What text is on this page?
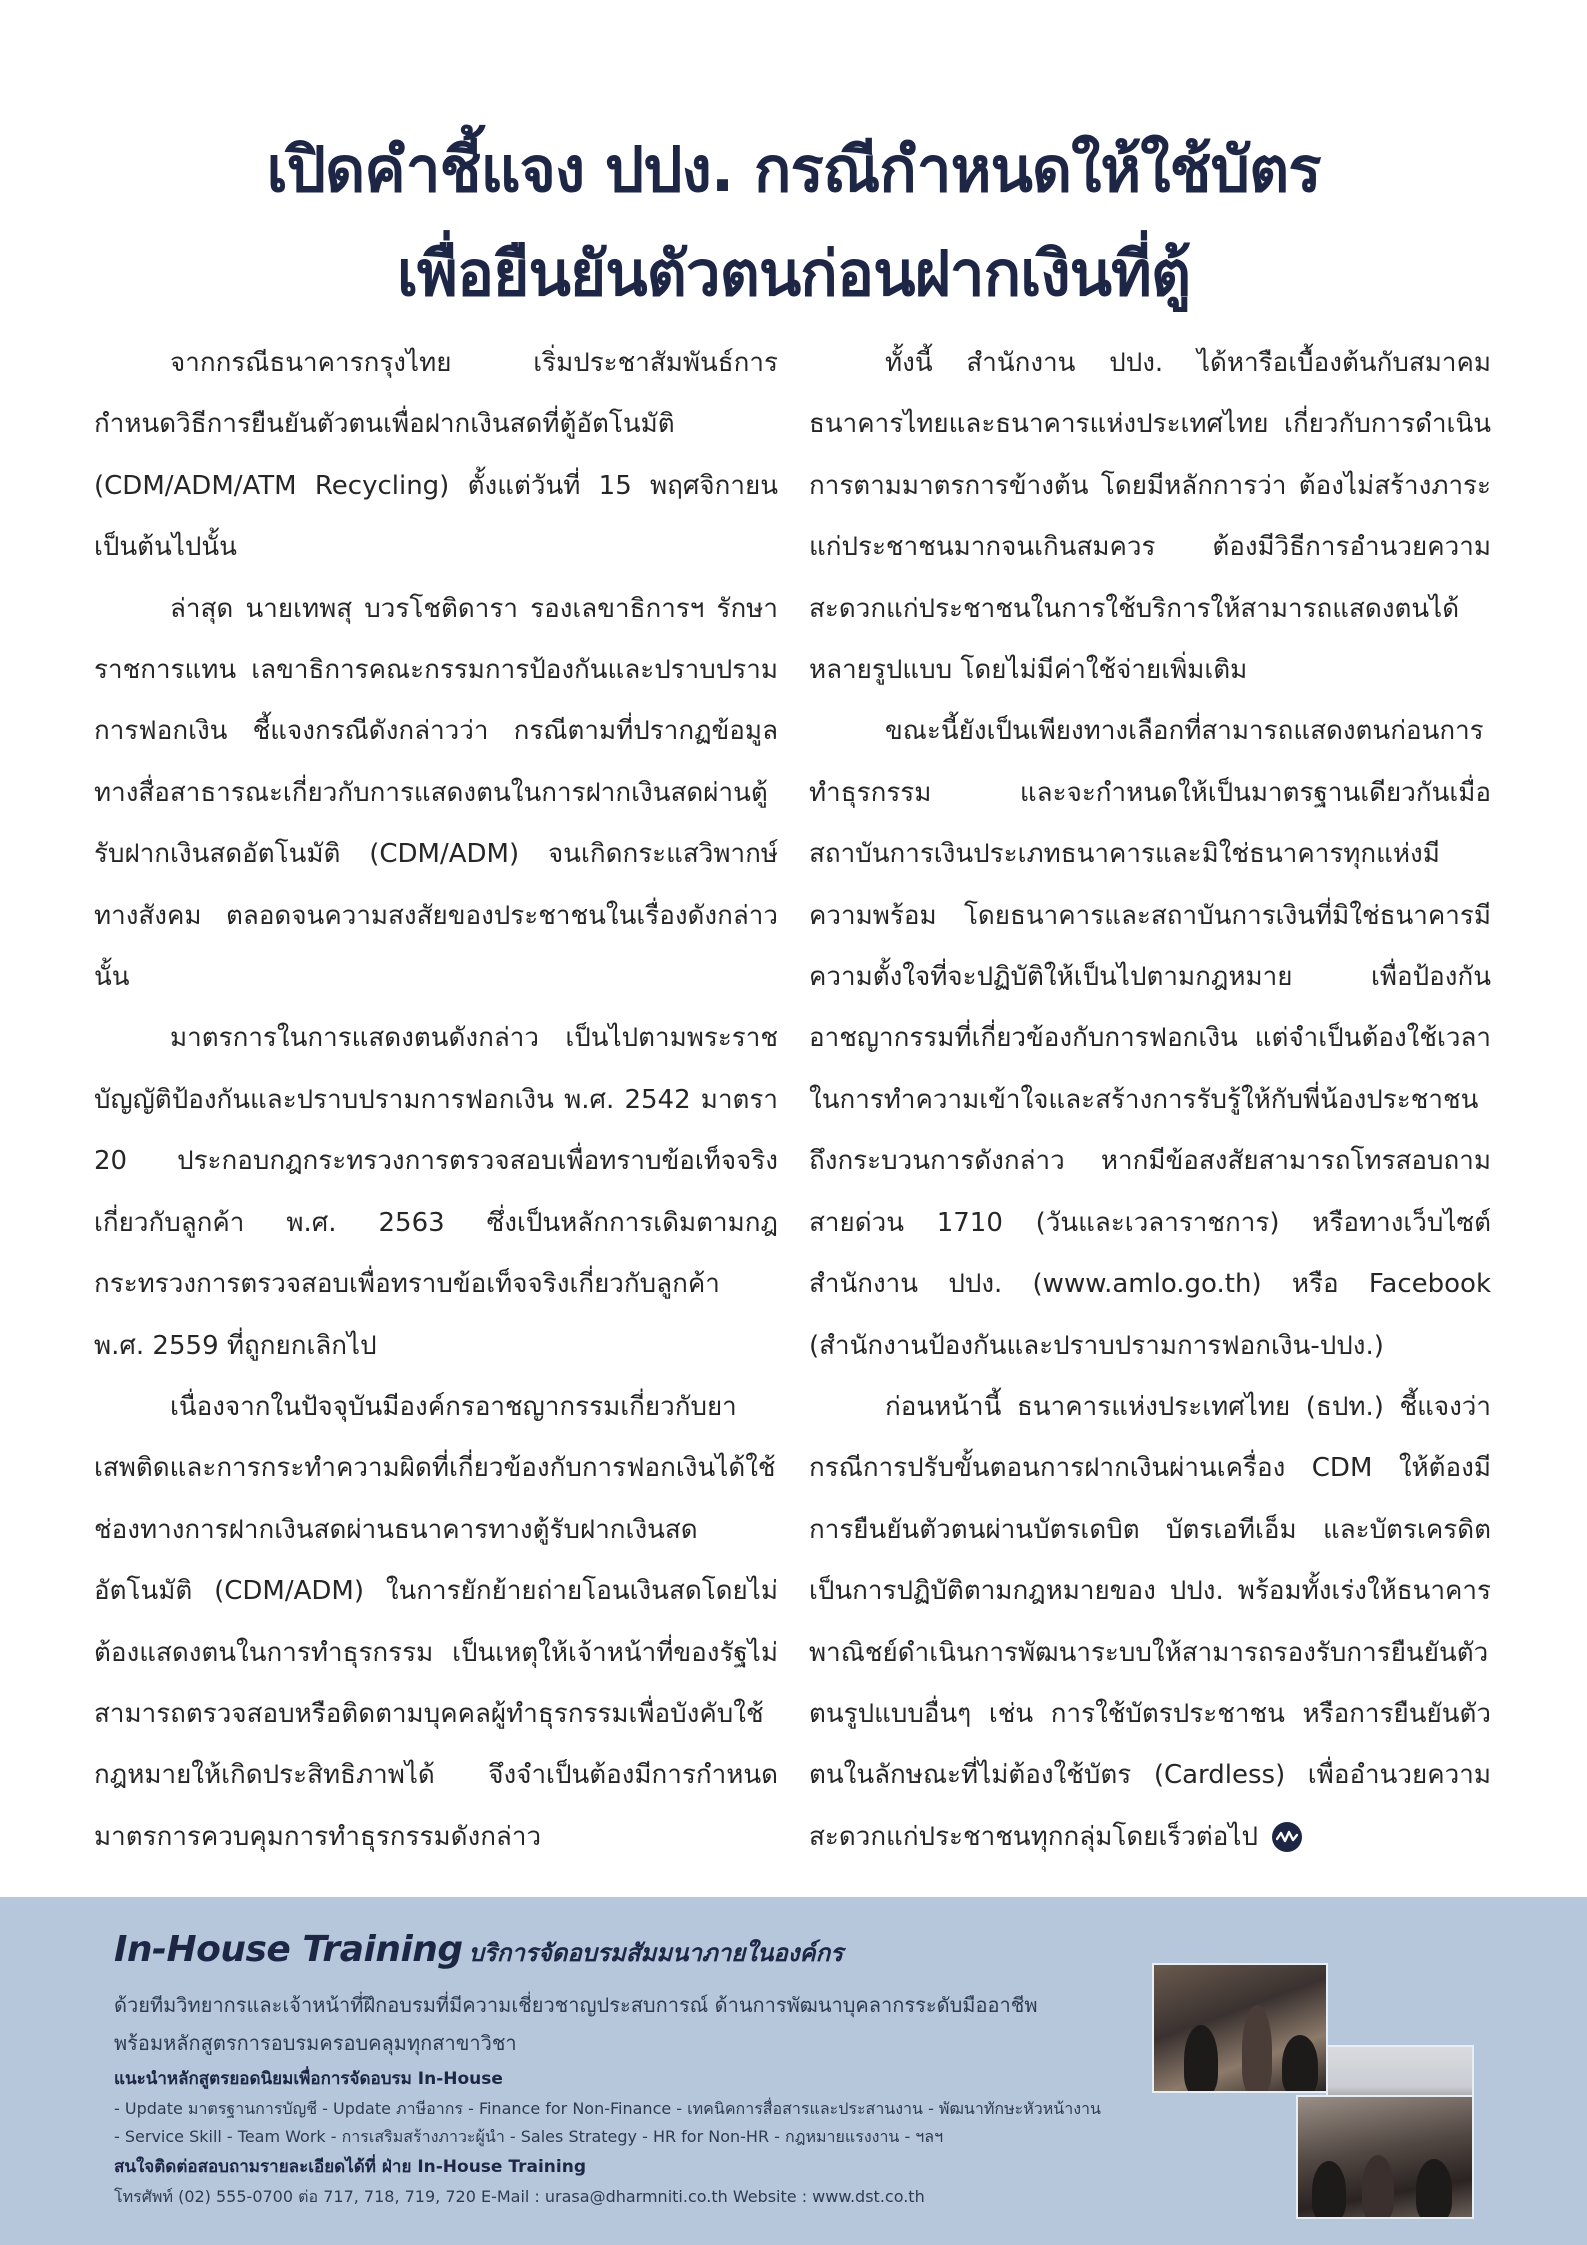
เปิดคำชี้แจง ปปง. กรณีกำหนดให้ใช้บัตร
เพื่อยืนยันตัวตนก่อนฝากเงินที่ตู้

จากกรณีธนาคารกรุงไทย เริ่มประชาสัมพันธ์การกำหนดวิธีการยืนยันตัวตนเพื่อฝากเงินสดที่ตู้อัตโนมัติ (CDM/ADM/ATM Recycling) ตั้งแต่วันที่ 15 พฤศจิกายน เป็นต้นไปนั้น

ล่าสุด นายเทพสุ บวรโชติดารา รองเลขาธิการฯ รักษาราชการแทน เลขาธิการคณะกรรมการป้องกันและปราบปรามการฟอกเงิน ชี้แจงกรณีดังกล่าวว่า กรณีตามที่ปรากฏข้อมูลทางสื่อสาธารณะเกี่ยวกับการแสดงตนในการฝากเงินสดผ่านตู้รับฝากเงินสดอัตโนมัติ (CDM/ADM) จนเกิดกระแสวิพากษ์ทางสังคม ตลอดจนความสงสัยของประชาชนในเรื่องดังกล่าวนั้น

มาตรการในการแสดงตนดังกล่าว เป็นไปตามพระราชบัญญัติป้องกันและปราบปรามการฟอกเงิน พ.ศ. 2542 มาตรา 20 ประกอบกฎกระทรวงการตรวจสอบเพื่อทราบข้อเท็จจริงเกี่ยวกับลูกค้า พ.ศ. 2563 ซึ่งเป็นหลักการเดิมตามกฎกระทรวงการตรวจสอบเพื่อทราบข้อเท็จจริงเกี่ยวกับลูกค้า พ.ศ. 2559 ที่ถูกยกเลิกไป

เนื่องจากในปัจจุบันมีองค์กรอาชญากรรมเกี่ยวกับยาเสพติดและการกระทำความผิดที่เกี่ยวข้องกับการฟอกเงินได้ใช้ช่องทางการฝากเงินสดผ่านธนาคารทางตู้รับฝากเงินสดอัตโนมัติ (CDM/ADM) ในการยักย้ายถ่ายโอนเงินสดโดยไม่ต้องแสดงตนในการทำธุรกรรม เป็นเหตุให้เจ้าหน้าที่ของรัฐไม่สามารถตรวจสอบหรือติดตามบุคคลผู้ทำธุรกรรมเพื่อบังคับใช้กฎหมายให้เกิดประสิทธิภาพได้ จึงจำเป็นต้องมีการกำหนดมาตรการควบคุมการทำธุรกรรมดังกล่าว

ทั้งนี้ สำนักงาน ปปง. ได้หารือเบื้องต้นกับสมาคมธนาคารไทยและธนาคารแห่งประเทศไทย เกี่ยวกับการดำเนินการตามมาตรการข้างต้น โดยมีหลักการว่า ต้องไม่สร้างภาระแก่ประชาชนมากจนเกินสมควร ต้องมีวิธีการอำนวยความสะดวกแก่ประชาชนในการใช้บริการให้สามารถแสดงตนได้หลายรูปแบบ โดยไม่มีค่าใช้จ่ายเพิ่มเติม

ขณะนี้ยังเป็นเพียงทางเลือกที่สามารถแสดงตนก่อนการทำธุรกรรม และจะกำหนดให้เป็นมาตรฐานเดียวกันเมื่อสถาบันการเงินประเภทธนาคารและมิใช่ธนาคารทุกแห่งมีความพร้อม โดยธนาคารและสถาบันการเงินที่มิใช่ธนาคารมีความตั้งใจที่จะปฏิบัติให้เป็นไปตามกฎหมาย เพื่อป้องกันอาชญากรรมที่เกี่ยวข้องกับการฟอกเงิน แต่จำเป็นต้องใช้เวลาในการทำความเข้าใจและสร้างการรับรู้ให้กับพี่น้องประชาชนถึงกระบวนการดังกล่าว หากมีข้อสงสัยสามารถโทรสอบถามสายด่วน 1710 (วันและเวลาราชการ) หรือทางเว็บไซต์สำนักงาน ปปง. (www.amlo.go.th) หรือ Facebook (สำนักงานป้องกันและปราบปรามการฟอกเงิน-ปปง.)

ก่อนหน้านี้ ธนาคารแห่งประเทศไทย (ธปท.) ชี้แจงว่า กรณีการปรับขั้นตอนการฝากเงินผ่านเครื่อง CDM ให้ต้องมีการยืนยันตัวตนผ่านบัตรเดบิต บัตรเอทีเอ็ม และบัตรเครดิต เป็นการปฏิบัติตามกฎหมายของ ปปง. พร้อมทั้งเร่งให้ธนาคารพาณิชย์ดำเนินการพัฒนาระบบให้สามารถรองรับการยืนยันตัวตนรูปแบบอื่นๆ เช่น การใช้บัตรประชาชน หรือการยืนยันตัวตนในลักษณะที่ไม่ต้องใช้บัตร (Cardless) เพื่ออำนวยความสะดวกแก่ประชาชนทุกกลุ่มโดยเร็วต่อไป

In-House Training บริการจัดอบรมสัมมนาภายในองค์กร
ด้วยทีมวิทยากรและเจ้าหน้าที่ฝึกอบรมที่มีความเชี่ยวชาญประสบการณ์ ด้านการพัฒนาบุคลากรระดับมืออาชีพ
พร้อมหลักสูตรการอบรมครอบคลุมทุกสาขาวิชา
แนะนำหลักสูตรยอดนิยมเพื่อการจัดอบรม In-House
- Update มาตรฐานการบัญชี - Update ภาษีอากร - Finance for Non-Finance - เทคนิคการสื่อสารและประสานงาน - พัฒนาทักษะหัวหน้างาน
- Service Skill - Team Work - การเสริมสร้างภาวะผู้นำ - Sales Strategy - HR for Non-HR - กฎหมายแรงงาน - ฯลฯ
สนใจติดต่อสอบถามรายละเอียดได้ที่ ฝ่าย In-House Training
โทรศัพท์ (02) 555-0700 ต่อ 717, 718, 719, 720 E-Mail : urasa@dharmniti.co.th Website : www.dst.co.th
